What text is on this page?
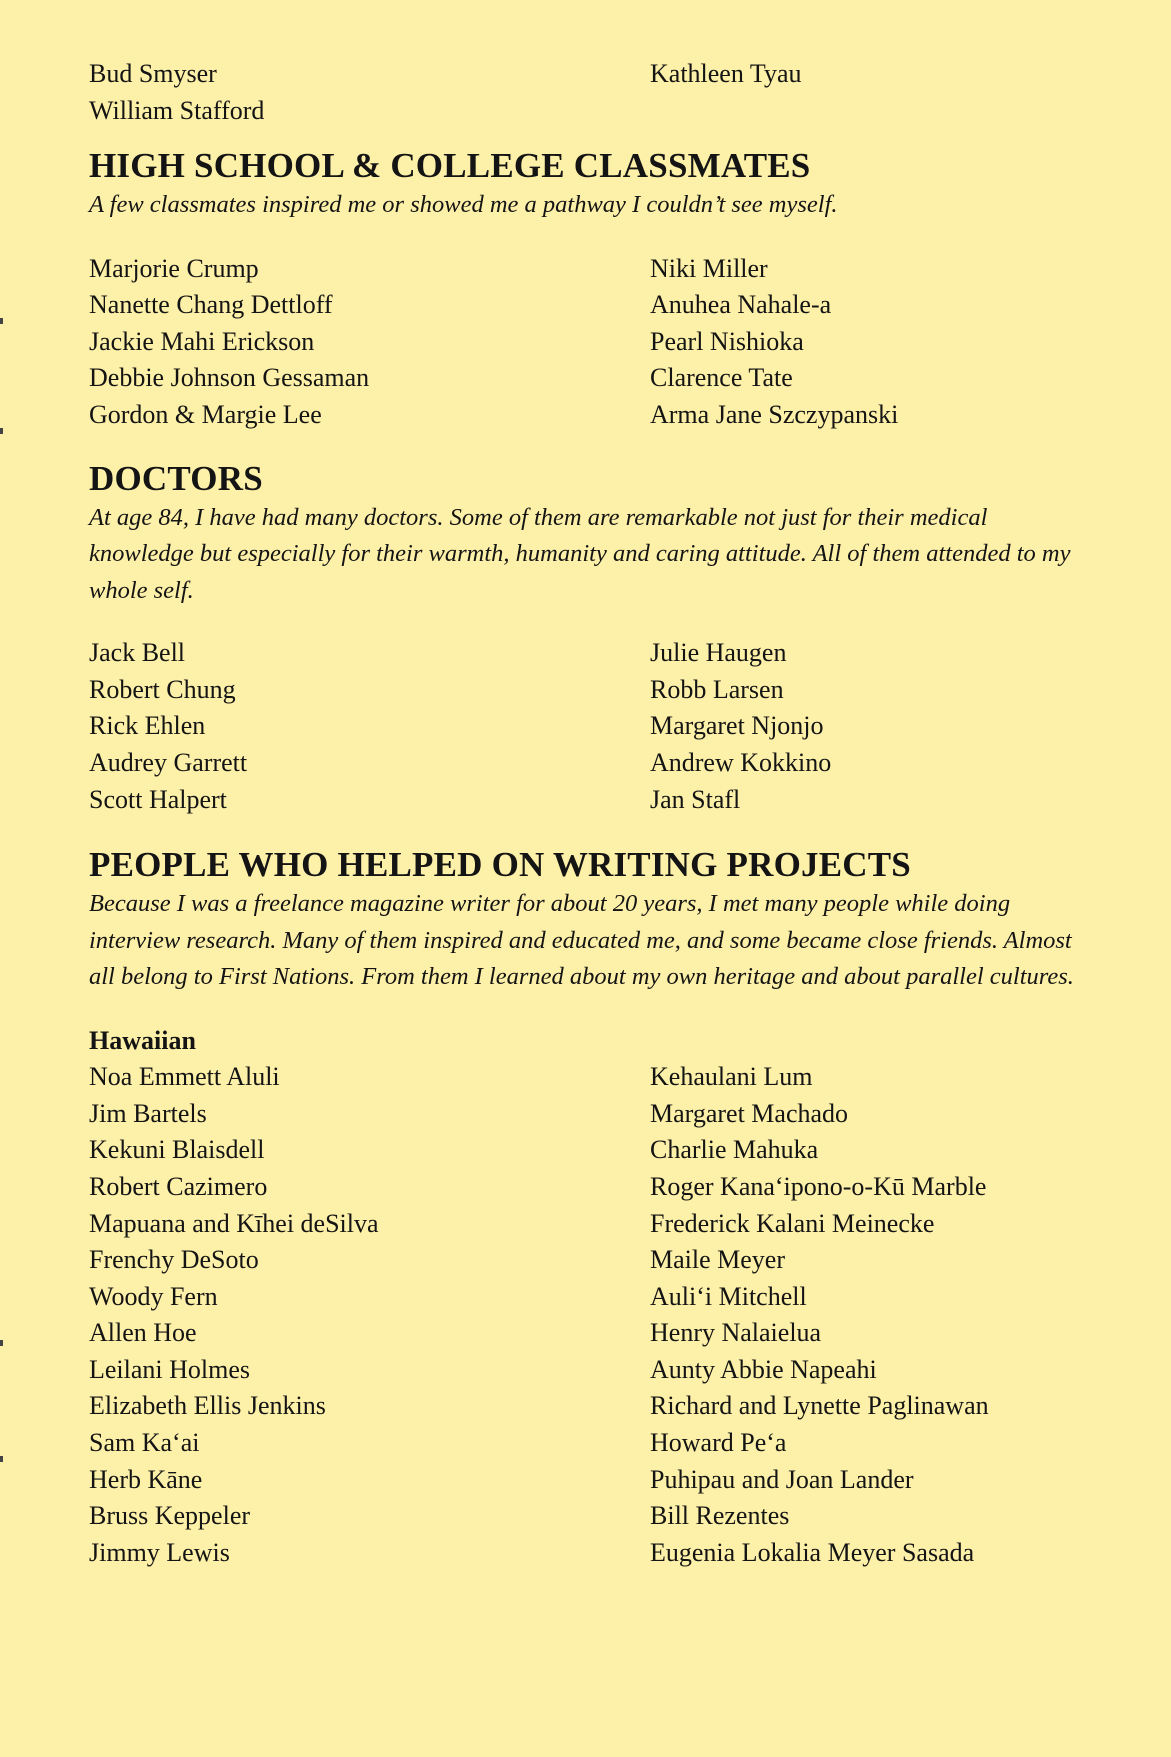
Bud Smyser
William Stafford
Kathleen Tyau
HIGH SCHOOL & COLLEGE CLASSMATES

A few classmates inspired me or showed me a pathway I couldn’t see myself.

Marjorie Crump
Nanette Chang Dettloff
Jackie Mahi Erickson
Debbie Johnson Gessaman
Gordon & Margie Lee
Niki Miller
Anuhea Nahale-a
Pearl Nishioka
Clarence Tate
Arma Jane Szczypanski
DOCTORS

At age 84, I have had many doctors. Some of them are remarkable not just for their medical knowledge but especially for their warmth, humanity and caring attitude. All of them attended to my whole self.

Jack Bell
Robert Chung
Rick Ehlen
Audrey Garrett
Scott Halpert
Julie Haugen
Robb Larsen
Margaret Njonjo
Andrew Kokkino
Jan Stafl
PEOPLE WHO HELPED ON WRITING PROJECTS

Because I was a freelance magazine writer for about 20 years, I met many people while doing interview research. Many of them inspired and educated me, and some became close friends. Almost all belong to First Nations. From them I learned about my own heritage and about parallel cultures.

Hawaiian
Noa Emmett Aluli
Jim Bartels
Kekuni Blaisdell
Robert Cazimero
Mapuana and Kīhei deSilva
Frenchy DeSoto
Woody Fern
Allen Hoe
Leilani Holmes
Elizabeth Ellis Jenkins
Sam Ka‘ai
Herb Kāne
Bruss Keppeler
Jimmy Lewis
Kehaulani Lum
Margaret Machado
Charlie Mahuka
Roger Kana‘ipono-o-Kū Marble
Frederick Kalani Meinecke
Maile Meyer
Auli‘i Mitchell
Henry Nalaielua
Aunty Abbie Napeahi
Richard and Lynette Paglinawan
Howard Pe‘a
Puhipau and Joan Lander
Bill Rezentes
Eugenia Lokalia Meyer Sasada
